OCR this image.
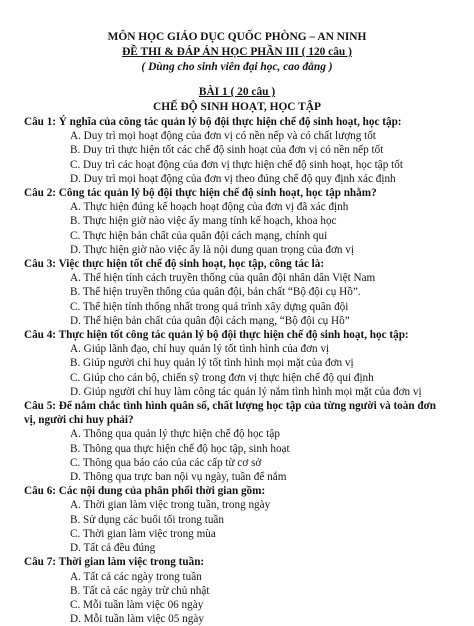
MÔN HỌC GIÁO DỤC QUỐC PHÒNG – AN NINH
ĐỀ THI & ĐÁP ÁN HỌC PHẦN III ( 120 câu )
( Dùng cho sinh viên đại học, cao đẳng )
BÀI 1 ( 20 câu )
CHẾ ĐỘ SINH HOẠT, HỌC TẬP
Câu 1: Ý nghĩa của công tác quản lý bộ đội thực hiện chế độ sinh hoạt, học tập:
A. Duy trì mọi hoạt động của đơn vị có nền nếp và có chất lượng tốt
B. Duy trì thực hiện tốt các chế độ sinh hoạt của đơn vị có nền nếp tốt
C. Duy trì các hoạt động của đơn vị thực hiện chế độ sinh hoạt, học tập tốt
D. Duy trì mọi hoạt động của đơn vị theo đúng chế độ quy định xác định
Câu 2: Công tác quản lý bộ đội thực hiện chế độ sinh hoạt, học tập nhằm?
A. Thực hiện đúng kế hoạch hoạt động của đơn vị đã xác định
B. Thực hiện giờ nào việc ấy mang tính kế hoạch, khoa học
C. Thực hiện bản chất của quân đội cách mạng, chính qui
D. Thực hiện giờ nào việc ấy là nội dung quan trọng của đơn vị
Câu 3: Việc thực hiện tốt chế độ sinh hoạt, học tập, công tác là:
A. Thể hiện tính cách truyền thống của quân đội nhân dân Việt Nam
B. Thể hiện truyền thống của quân đội, bản chất “Bộ đội cụ Hồ”.
C. Thể hiện tính thống nhất trong quá trình xây dựng quân đội
D. Thể hiện bản chất của quân đội cách mạng, “Bộ đội cụ Hồ”
Câu 4: Thực hiện tốt công tác quản lý bộ đội thực hiện chế độ sinh hoạt, học tập:
A. Giúp lãnh đạo, chỉ huy quản lý tốt tình hình của đơn vị
B. Giúp người chỉ huy quản lý tốt tình hình mọi mặt của đơn vị
C. Giúp cho cán bộ, chiến sỹ trong đơn vị thực hiện chế độ qui định
D. Giúp người chỉ huy làm công tác quản lý nắm tình hình mọi mặt của đơn vị
Câu 5: Để nắm chắc tình hình quân số, chất lượng học tập của từng người và toàn đơn vị, người chỉ huy phải?
A. Thông qua quản lý thực hiện chế độ học tập
B. Thông qua thực hiện chế độ học tập, sinh hoạt
C. Thông qua báo cáo của các cấp từ cơ sở
D. Thông qua trực ban nội vụ ngày, tuần để nắm
Câu 6: Các nội dung của phân phối thời gian gồm:
A. Thời gian làm việc trong tuần, trong ngày
B. Sử dụng các buổi tối trong tuần
C. Thời gian làm việc trong mùa
D. Tất cả đều đúng
Câu 7: Thời gian làm việc trong tuần:
A. Tất cả các ngày trong tuần
B. Tất cả các ngày trừ chủ nhật
C. Mỗi tuần làm việc 06 ngày
D. Mỗi tuần làm việc 05 ngày
